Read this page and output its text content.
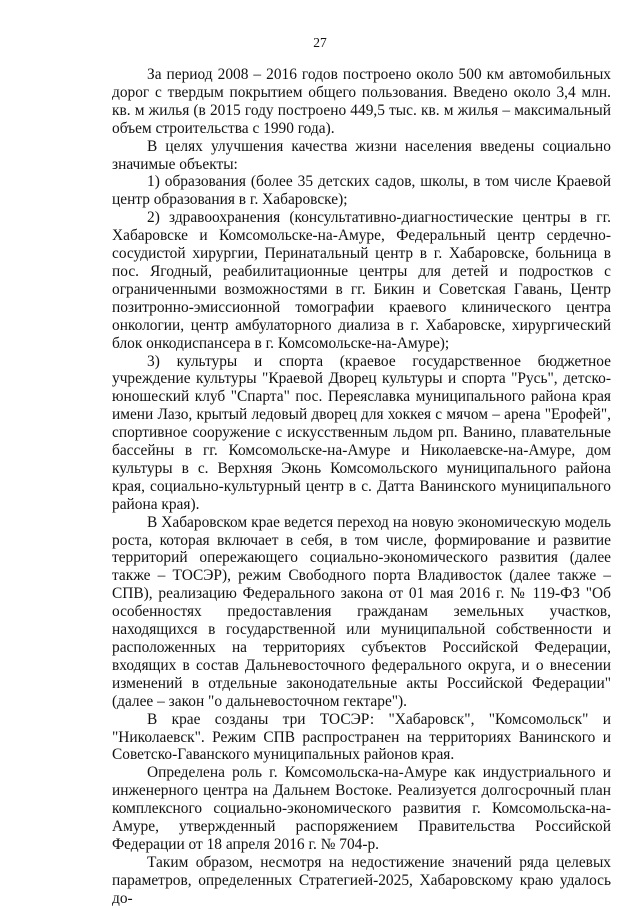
27

За период 2008 – 2016 годов построено около 500 км автомобильных дорог с твердым покрытием общего пользования. Введено около 3,4 млн. кв. м жилья (в 2015 году построено 449,5 тыс. кв. м жилья – максимальный объем строительства с 1990 года).

В целях улучшения качества жизни населения введены социально значимые объекты:

1) образования (более 35 детских садов, школы, в том числе Краевой центр образования в г. Хабаровске);

2) здравоохранения (консультативно-диагностические центры в гг. Хабаровске и Комсомольске-на-Амуре, Федеральный центр сердечно-сосудистой хирургии, Перинатальный центр в г. Хабаровске, больница в пос. Ягодный, реабилитационные центры для детей и подростков с ограниченными возможностями в гг. Бикин и Советская Гавань, Центр позитронно-эмиссионной томографии краевого клинического центра онкологии, центр амбулаторного диализа в г. Хабаровске, хирургический блок онкодиспансера в г. Комсомольске-на-Амуре);

3) культуры и спорта (краевое государственное бюджетное учреждение культуры "Краевой Дворец культуры и спорта "Русь", детско-юношеский клуб "Спарта" пос. Переяславка муниципального района края имени Лазо, крытый ледовый дворец для хоккея с мячом – арена "Ерофей", спортивное сооружение с искусственным льдом рп. Ванино, плавательные бассейны в гг. Комсомольске-на-Амуре и Николаевске-на-Амуре, дом культуры в с. Верхняя Эконь Комсомольского муниципального района края, социально-культурный центр в с. Датта Ванинского муниципального района края).

В Хабаровском крае ведется переход на новую экономическую модель роста, которая включает в себя, в том числе, формирование и развитие территорий опережающего социально-экономического развития (далее также – ТОСЭР), режим Свободного порта Владивосток (далее также – СПВ), реализацию Федерального закона от 01 мая 2016 г. № 119-ФЗ "Об особенностях предоставления гражданам земельных участков, находящихся в государственной или муниципальной собственности и расположенных на территориях субъектов Российской Федерации, входящих в состав Дальневосточного федерального округа, и о внесении изменений в отдельные законодательные акты Российской Федерации" (далее – закон "о дальневосточном гектаре").

В крае созданы три ТОСЭР: "Хабаровск", "Комсомольск" и "Николаевск". Режим СПВ распространен на территориях Ванинского и Советско-Гаванского муниципальных районов края.

Определена роль г. Комсомольска-на-Амуре как индустриального и инженерного центра на Дальнем Востоке. Реализуется долгосрочный план комплексного социально-экономического развития г. Комсомольска-на-Амуре, утвержденный распоряжением Правительства Российской Федерации от 18 апреля 2016 г. № 704-р.

Таким образом, несмотря на недостижение значений ряда целевых параметров, определенных Стратегией-2025, Хабаровскому краю удалось до-
